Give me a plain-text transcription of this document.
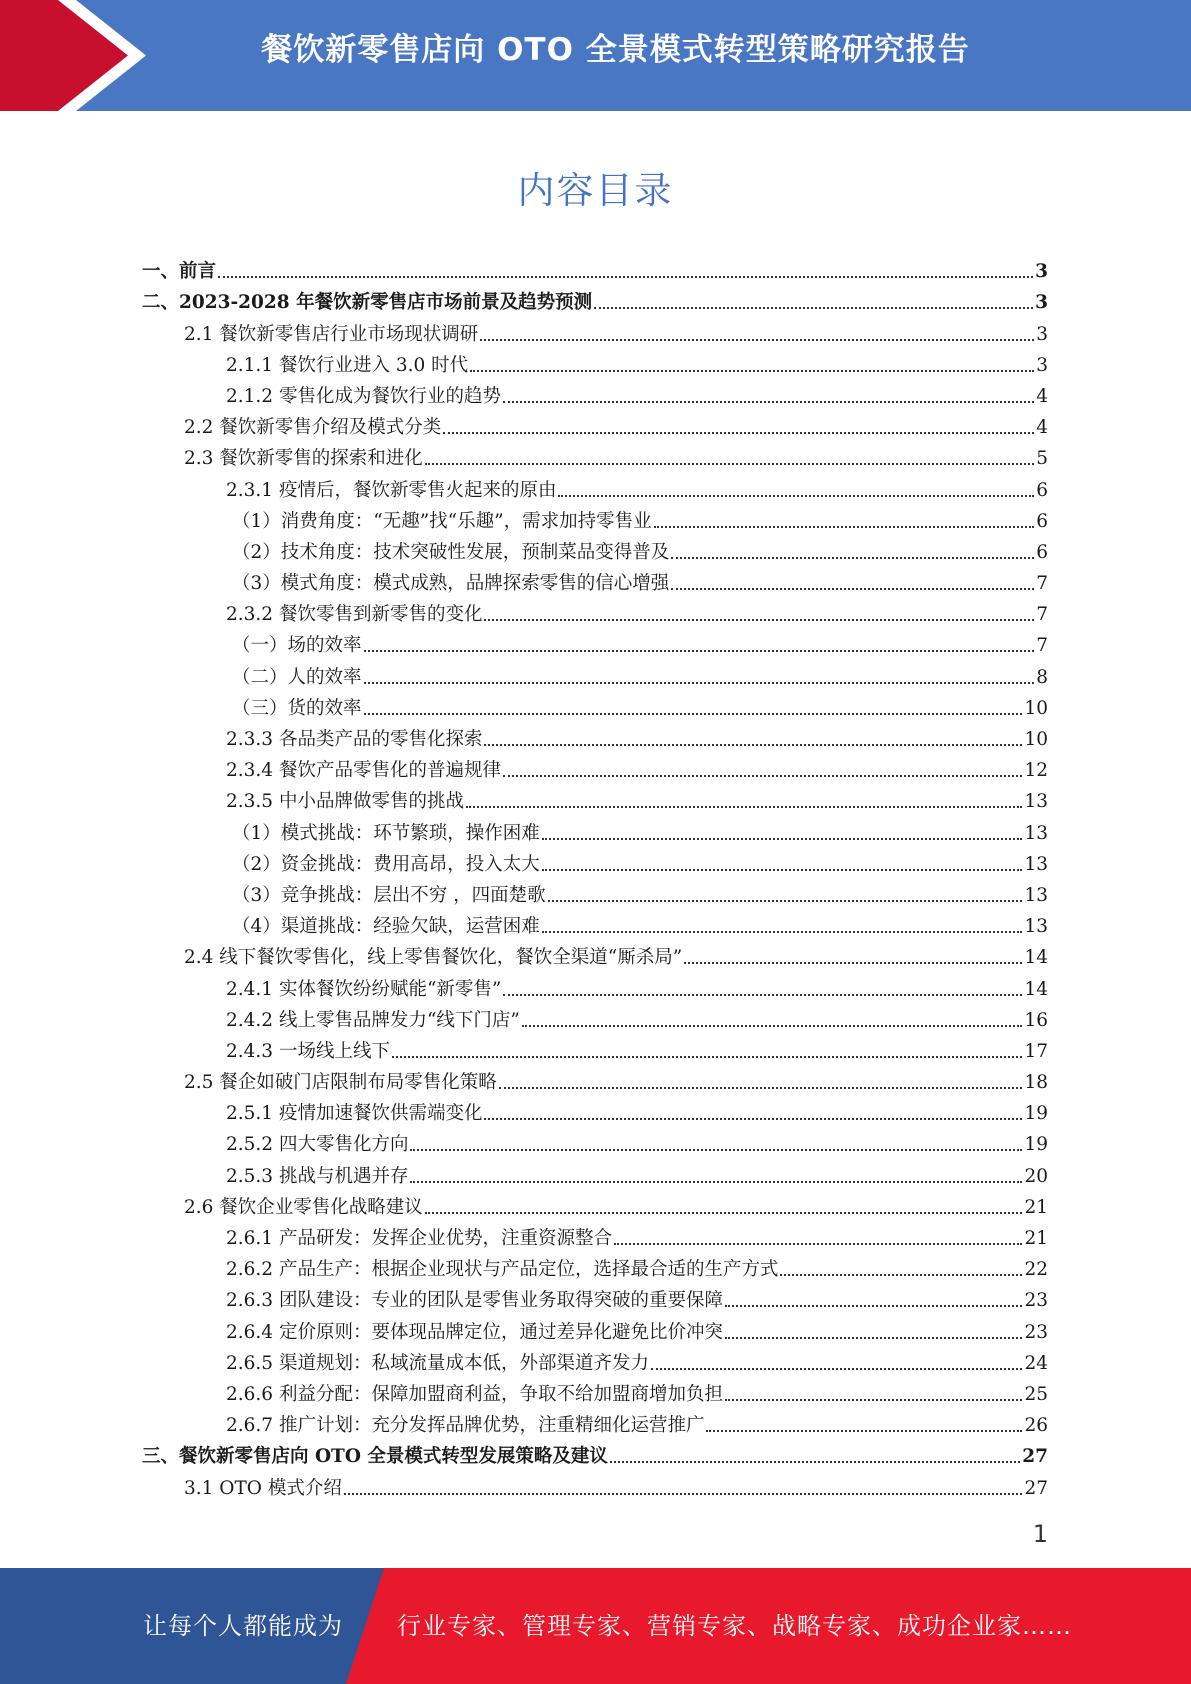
餐饮新零售店向 OTO 全景模式转型策略研究报告
内容目录
一、前言	3
二、2023-2028 年餐饮新零售店市场前景及趋势预测	3
2.1 餐饮新零售店行业市场现状调研	3
2.1.1 餐饮行业进入 3.0 时代	3
2.1.2 零售化成为餐饮行业的趋势	4
2.2 餐饮新零售介绍及模式分类	4
2.3 餐饮新零售的探索和进化	5
2.3.1 疫情后，餐饮新零售火起来的原由	6
（1）消费角度：“无趣”找“乐趣”，需求加持零售业	6
（2）技术角度：技术突破性发展，预制菜品变得普及	6
（3）模式角度：模式成熟，品牌探索零售的信心增强	7
2.3.2 餐饮零售到新零售的变化	7
（一）场的效率	7
（二）人的效率	8
（三）货的效率	10
2.3.3 各品类产品的零售化探索	10
2.3.4 餐饮产品零售化的普遍规律	12
2.3.5 中小品牌做零售的挑战	13
（1）模式挑战：环节繁琐，操作困难	13
（2）资金挑战：费用高昂，投入太大	13
（3）竞争挑战：层出不穷 ，四面楚歌	13
（4）渠道挑战：经验欠缺，运营困难	13
2.4 线下餐饮零售化，线上零售餐饮化，餐饮全渠道“厮杀局”	14
2.4.1 实体餐饮纷纷赋能“新零售”	14
2.4.2 线上零售品牌发力“线下门店”	16
2.4.3 一场线上线下	17
2.5 餐企如破门店限制布局零售化策略	18
2.5.1 疫情加速餐饮供需端变化	19
2.5.2 四大零售化方向	19
2.5.3 挑战与机遇并存	20
2.6 餐饮企业零售化战略建议	21
2.6.1 产品研发：发挥企业优势，注重资源整合	21
2.6.2 产品生产：根据企业现状与产品定位，选择最合适的生产方式	22
2.6.3 团队建设：专业的团队是零售业务取得突破的重要保障	23
2.6.4 定价原则：要体现品牌定位，通过差异化避免比价冲突	23
2.6.5 渠道规划：私域流量成本低，外部渠道齐发力	24
2.6.6 利益分配：保障加盟商利益，争取不给加盟商增加负担	25
2.6.7 推广计划：充分发挥品牌优势，注重精细化运营推广	26
三、餐饮新零售店向 OTO 全景模式转型发展策略及建议	27
3.1 OTO 模式介绍	27
1
让每个人都能成为 行业专家、管理专家、营销专家、战略专家、成功企业家……
